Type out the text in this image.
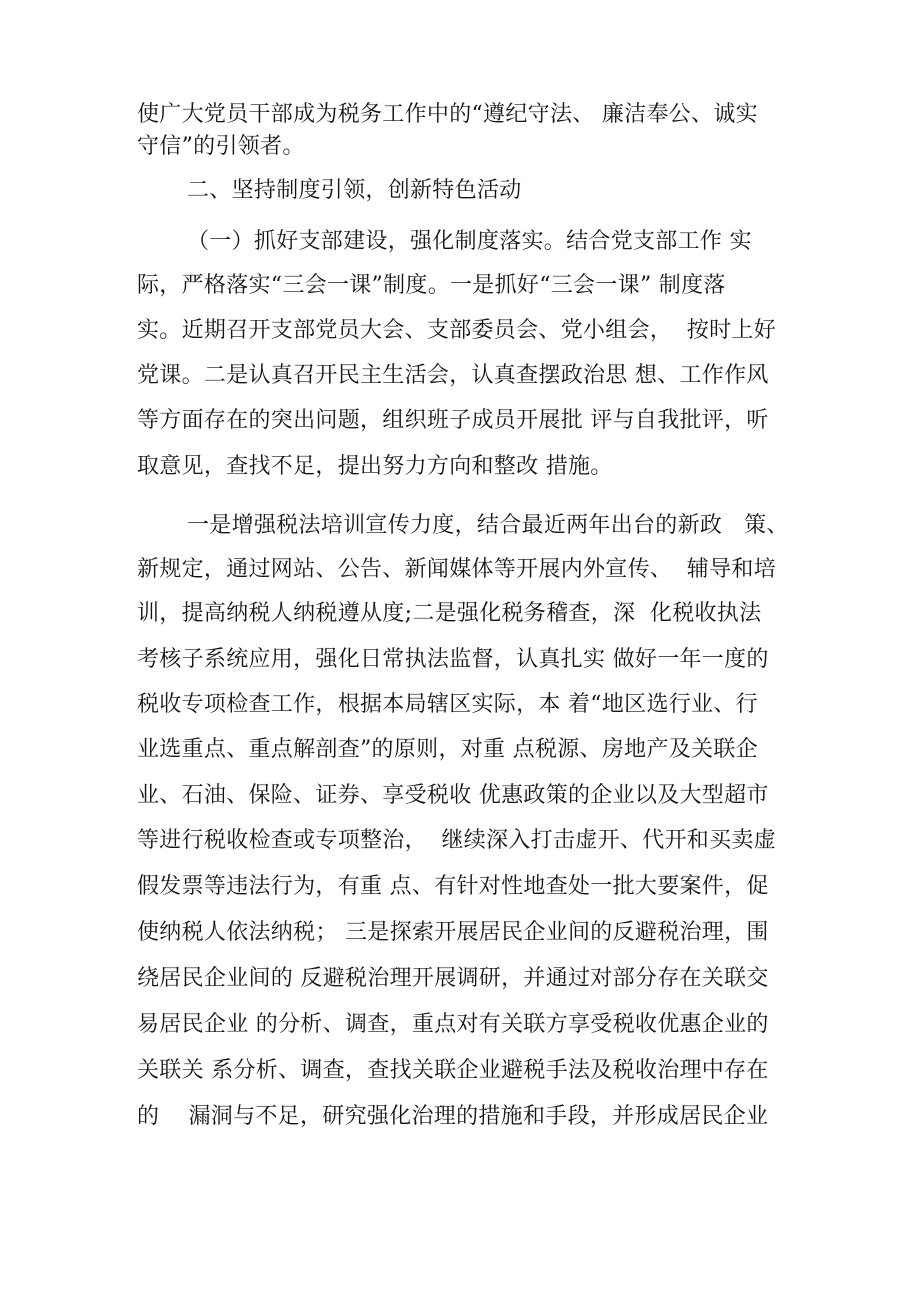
使广大党员干部成为税务工作中的“遵纪守法、 廉洁奉公、诚实
守信”的引领者。
二、坚持制度引领，创新特色活动
（一）抓好支部建设，强化制度落实。结合党支部工作 实
际，严格落实“三会一课”制度。一是抓好“三会一课” 制度落
实。近期召开支部党员大会、支部委员会、党小组会，  按时上好
党课。二是认真召开民主生活会，认真查摆政治思 想、工作作风
等方面存在的突出问题，组织班子成员开展批 评与自我批评，听
取意见，查找不足，提出努力方向和整改 措施。
一是增强税法培训宣传力度，结合最近两年出台的新政   策、
新规定，通过网站、公告、新闻媒体等开展内外宣传、  辅导和培
训，提高纳税人纳税遵从度;二是强化税务稽查，深  化税收执法
考核子系统应用，强化日常执法监督，认真扎实 做好一年一度的
税收专项检查工作，根据本局辖区实际，本 着“地区选行业、行
业选重点、重点解剖查”的原则，对重 点税源、房地产及关联企
业、石油、保险、证券、享受税收 优惠政策的企业以及大型超市
等进行税收检查或专项整治，  继续深入打击虚开、代开和买卖虚
假发票等违法行为，有重 点、有针对性地查处一批大要案件，促
使纳税人依法纳税； 三是探索开展居民企业间的反避税治理，围
绕居民企业间的 反避税治理开展调研，并通过对部分存在关联交
易居民企业 的分析、调查，重点对有关联方享受税收优惠企业的
关联关 系分析、调查，查找关联企业避税手法及税收治理中存在
的    漏洞与不足，研究强化治理的措施和手段，并形成居民企业
